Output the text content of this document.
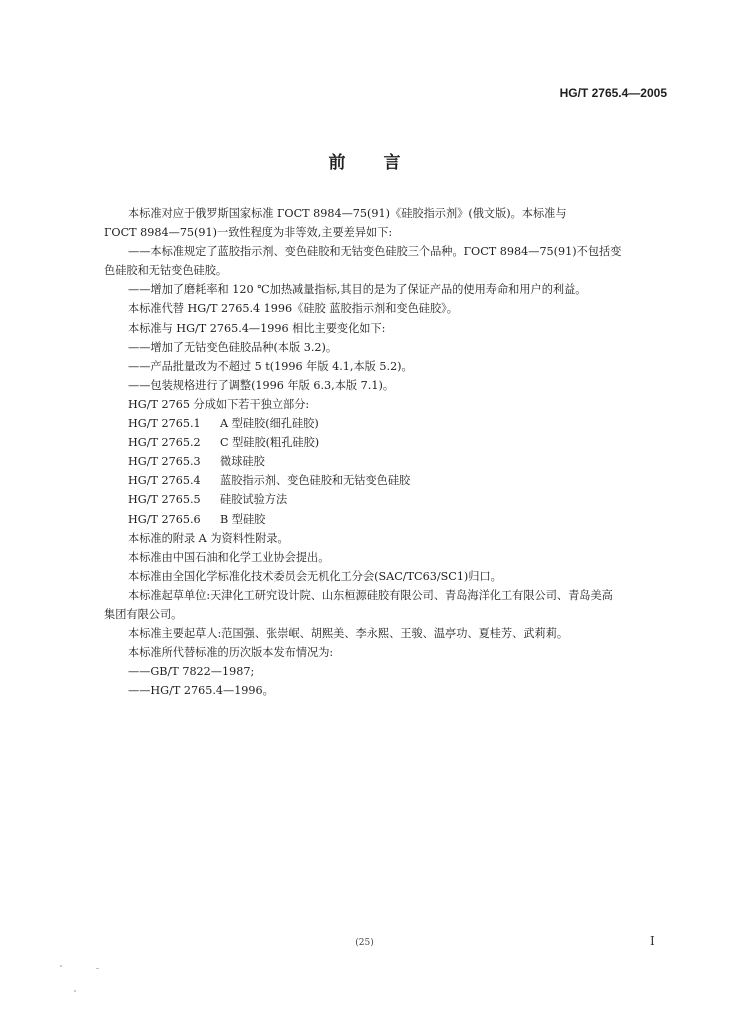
HG/T 2765.4—2005
前言

本标准对应于俄罗斯国家标准 ГОСТ 8984—75(91)《硅胶指示剂》(俄文版)。本标准与

ГОСТ 8984—75(91)一致性程度为非等效,主要差异如下:

——本标准规定了蓝胶指示剂、变色硅胶和无钴变色硅胶三个品种。ГОСТ 8984—75(91)不包括变

色硅胶和无钴变色硅胶。

——增加了磨耗率和 120 ℃加热减量指标,其目的是为了保证产品的使用寿命和用户的利益。

本标准代替 HG/T 2765.4 1996《硅胶 蓝胶指示剂和变色硅胶》。

本标准与 HG/T 2765.4—1996 相比主要变化如下:

——增加了无钴变色硅胶品种(本版 3.2)。

——产品批量改为不超过 5 t(1996 年版 4.1,本版 5.2)。

——包装规格进行了调整(1996 年版 6.3,本版 7.1)。

HG/T 2765 分成如下若干独立部分:

HG/T 2765.1 A 型硅胶(细孔硅胶)

HG/T 2765.2 C 型硅胶(粗孔硅胶)

HG/T 2765.3 微球硅胶

HG/T 2765.4 蓝胶指示剂、变色硅胶和无钴变色硅胶

HG/T 2765.5 硅胶试验方法

HG/T 2765.6 B 型硅胶

本标准的附录 A 为资料性附录。

本标准由中国石油和化学工业协会提出。

本标准由全国化学标准化技术委员会无机化工分会(SAC/TC63/SC1)归口。

本标准起草单位:天津化工研究设计院、山东桓源硅胶有限公司、青岛海洋化工有限公司、青岛美高

集团有限公司。

本标准主要起草人:范国强、张崇岷、胡熙美、李永熙、王骏、温亭功、夏桂芳、武莉莉。

本标准所代替标准的历次版本发布情况为:

——GB/T 7822—1987;

——HG/T 2765.4—1996。

(25)	I
